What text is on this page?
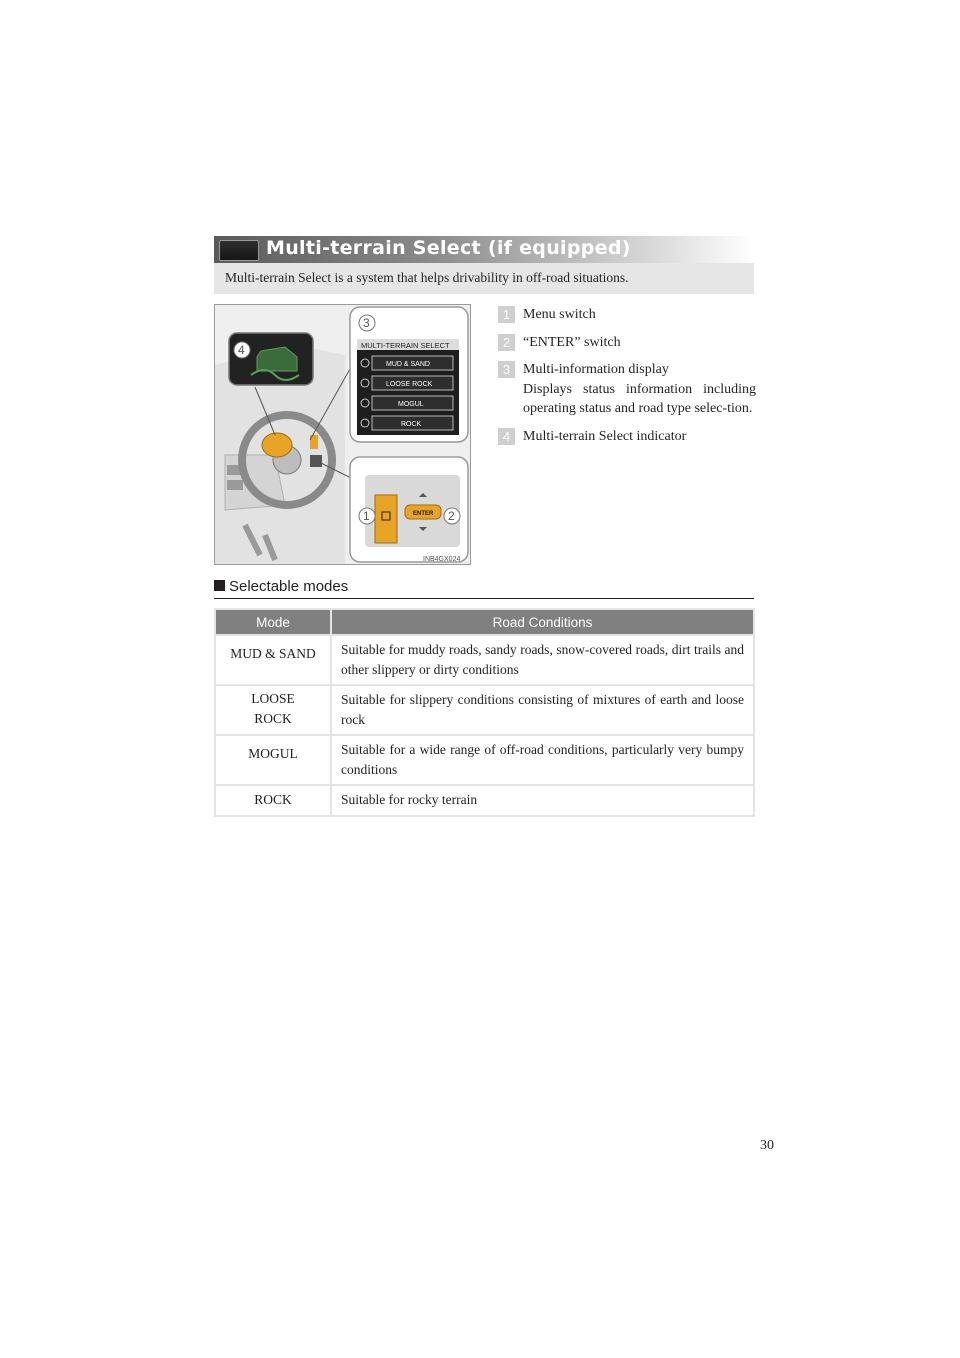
Multi-terrain Select (if equipped)
Multi-terrain Select is a system that helps drivability in off-road situations.
MULTI-TERRAIN SELECT
MUD & SAND
LOOSE ROCK
MOGUL
ROCK
ENTER
3
4
1	2
INB4GX024
1 Menu switch
2 “ENTER” switch
3 Multi-information display
Displays status information including operating status and road type selec-tion.
4 Multi-terrain Select indicator
Selectable modes
Mode	Road Conditions
MUD & SAND	Suitable for muddy roads, sandy roads, snow-covered roads, dirt trails and other slippery or dirty conditions
LOOSE ROCK	Suitable for slippery conditions consisting of mixtures of earth and loose rock
MOGUL	Suitable for a wide range of off-road conditions, particularly very bumpy conditions
ROCK	Suitable for rocky terrain
30
